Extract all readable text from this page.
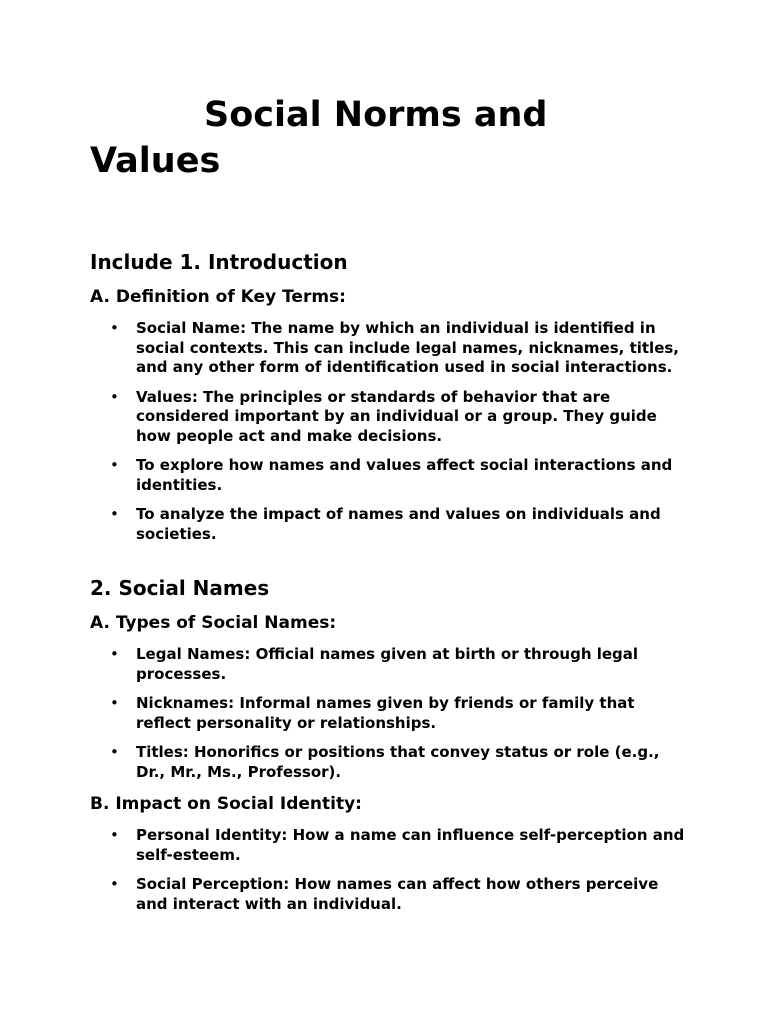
Social Norms and
Values
Include 1. Introduction
A. Definition of Key Terms:
• Social Name: The name by which an individual is identified in social contexts. This can include legal names, nicknames, titles, and any other form of identification used in social interactions.
• Values: The principles or standards of behavior that are considered important by an individual or a group. They guide how people act and make decisions.
• To explore how names and values affect social interactions and identities.
• To analyze the impact of names and values on individuals and societies.
2. Social Names
A. Types of Social Names:
• Legal Names: Official names given at birth or through legal processes.
• Nicknames: Informal names given by friends or family that reflect personality or relationships.
• Titles: Honorifics or positions that convey status or role (e.g., Dr., Mr., Ms., Professor).
B. Impact on Social Identity:
• Personal Identity: How a name can influence self-perception and self-esteem.
• Social Perception: How names can affect how others perceive and interact with an individual.
